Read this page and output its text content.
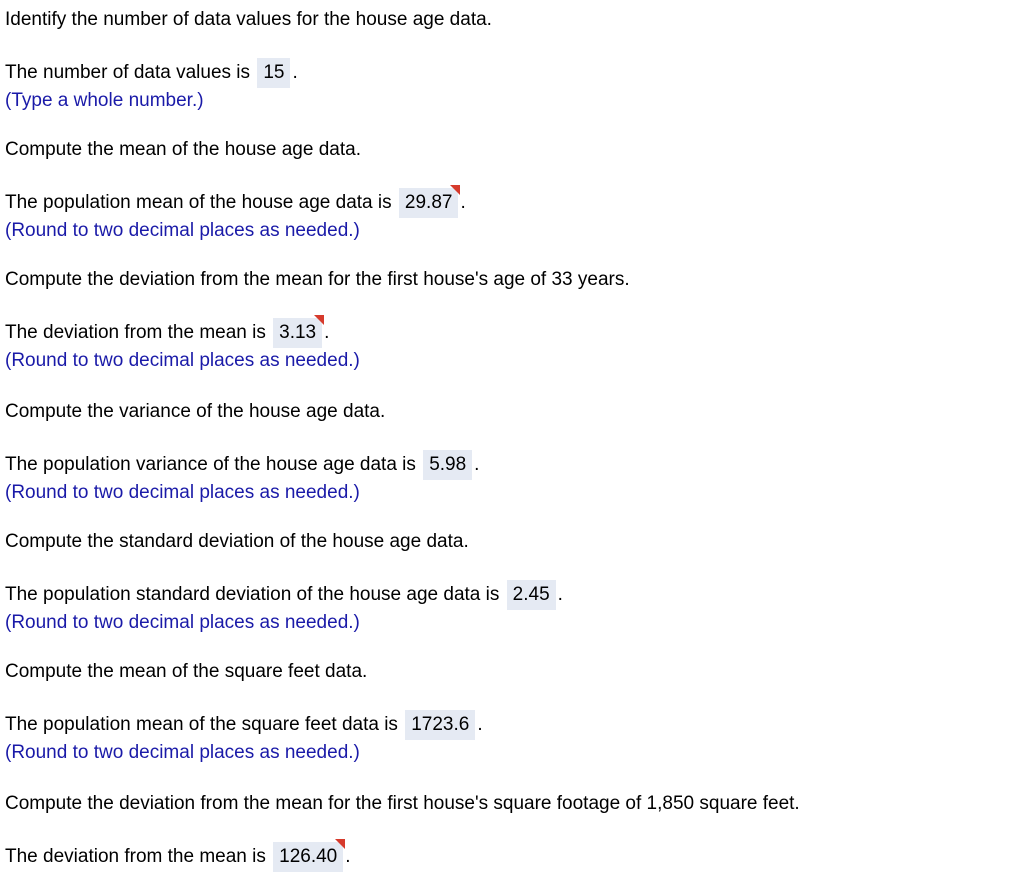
Identify the number of data values for the house age data.
The number of data values is 15 .
(Type a whole number.)
Compute the mean of the house age data.
The population mean of the house age data is 29.87 .
(Round to two decimal places as needed.)
Compute the deviation from the mean for the first house's age of 33 years.
The deviation from the mean is 3.13 .
(Round to two decimal places as needed.)
Compute the variance of the house age data.
The population variance of the house age data is 5.98 .
(Round to two decimal places as needed.)
Compute the standard deviation of the house age data.
The population standard deviation of the house age data is 2.45 .
(Round to two decimal places as needed.)
Compute the mean of the square feet data.
The population mean of the square feet data is 1723.6 .
(Round to two decimal places as needed.)
Compute the deviation from the mean for the first house's square footage of 1,850 square feet.
The deviation from the mean is 126.40 .
